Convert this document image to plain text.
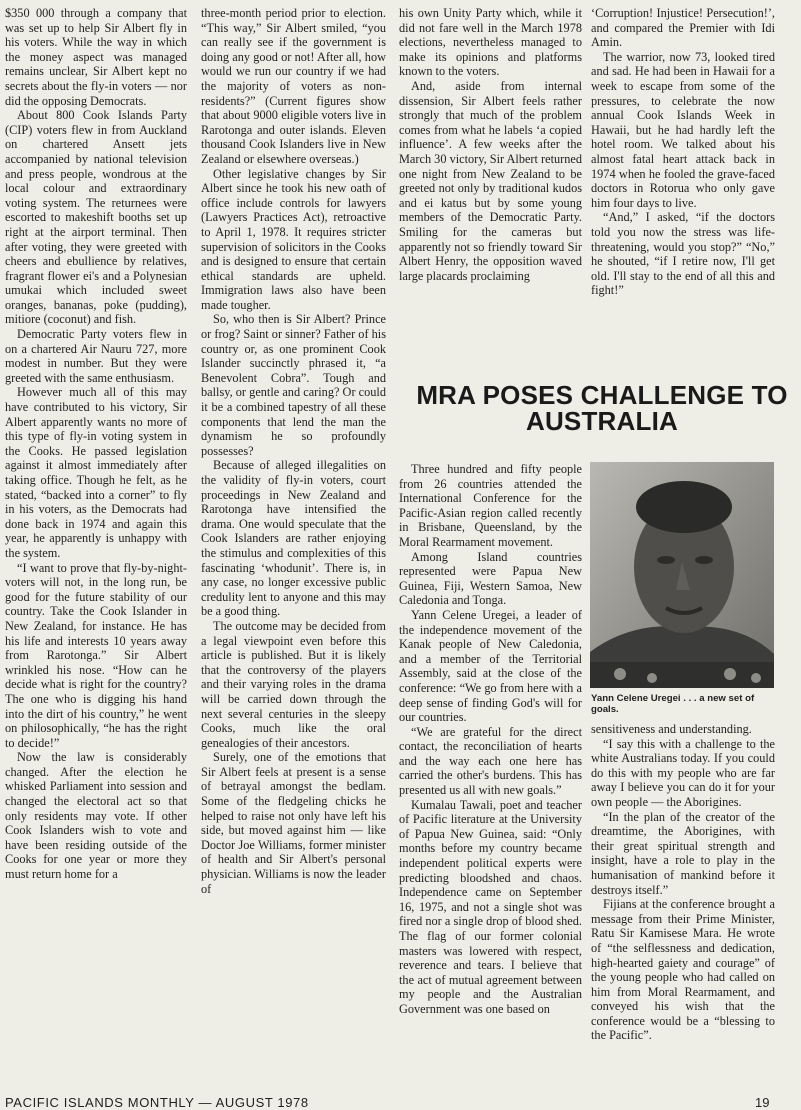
$350 000 through a company that was set up to help Sir Albert fly in his voters. While the way in which the money aspect was managed remains unclear, Sir Albert kept no secrets about the fly-in voters — nor did the opposing Democrats.

About 800 Cook Islands Party (CIP) voters flew in from Auckland on chartered Ansett jets accompanied by national television and press people, wondrous at the local colour and extraordinary voting system. The returnees were escorted to makeshift booths set up right at the airport terminal. Then after voting, they were greeted with cheers and ebullience by relatives, fragrant flower ei's and a Polynesian umukai which included sweet oranges, bananas, poke (pudding), mitiore (coconut) and fish.

Democratic Party voters flew in on a chartered Air Nauru 727, more modest in number. But they were greeted with the same enthusiasm.

However much all of this may have contributed to his victory, Sir Albert apparently wants no more of this type of fly-in voting system in the Cooks. He passed legislation against it almost immediately after taking office. Though he felt, as he stated, “backed into a corner” to fly in his voters, as the Democrats had done back in 1974 and again this year, he apparently is unhappy with the system.

“I want to prove that fly-by-night-voters will not, in the long run, be good for the future stability of our country. Take the Cook Islander in New Zealand, for instance. He has his life and interests 10 years away from Rarotonga.” Sir Albert wrinkled his nose. “How can he decide what is right for the country? The one who is digging his hand into the dirt of his country,” he went on philosophically, “he has the right to decide!”

Now the law is considerably changed. After the election he whisked Parliament into session and changed the electoral act so that only residents may vote. If other Cook Islanders wish to vote and have been residing outside of the Cooks for one year or more they must return home for a

three-month period prior to election. “This way,” Sir Albert smiled, “you can really see if the government is doing any good or not! After all, how would we run our country if we had the majority of voters as non-residents?” (Current figures show that about 9000 eligible voters live in Rarotonga and outer islands. Eleven thousand Cook Islanders live in New Zealand or elsewhere overseas.)

Other legislative changes by Sir Albert since he took his new oath of office include controls for lawyers (Lawyers Practices Act), retroactive to April 1, 1978. It requires stricter supervision of solicitors in the Cooks and is designed to ensure that certain ethical standards are upheld. Immigration laws also have been made tougher.

So, who then is Sir Albert? Prince or frog? Saint or sinner? Father of his country or, as one prominent Cook Islander succinctly phrased it, “a Benevolent Cobra”. Tough and ballsy, or gentle and caring? Or could it be a combined tapestry of all these components that lend the man the dynamism he so profoundly possesses?

Because of alleged illegalities on the validity of fly-in voters, court proceedings in New Zealand and Rarotonga have intensified the drama. One would speculate that the Cook Islanders are rather enjoying the stimulus and complexities of this fascinating ‘whodunit’. There is, in any case, no longer excessive public credulity lent to anyone and this may be a good thing.

The outcome may be decided from a legal viewpoint even before this article is published. But it is likely that the controversy of the players and their varying roles in the drama will be carried down through the next several centuries in the sleepy Cooks, much like the oral genealogies of their ancestors.

Surely, one of the emotions that Sir Albert feels at present is a sense of betrayal amongst the bedlam. Some of the fledgeling chicks he helped to raise not only have left his side, but moved against him — like Doctor Joe Williams, former minister of health and Sir Albert's personal physician. Williams is now the leader of

his own Unity Party which, while it did not fare well in the March 1978 elections, nevertheless managed to make its opinions and platforms known to the voters.

And, aside from internal dissension, Sir Albert feels rather strongly that much of the problem comes from what he labels ‘a copied influence’. A few weeks after the March 30 victory, Sir Albert returned one night from New Zealand to be greeted not only by traditional kudos and ei katus but by some young members of the Democratic Party. Smiling for the cameras but apparently not so friendly toward Sir Albert Henry, the opposition waved large placards proclaiming

‘Corruption! Injustice! Persecution!’, and compared the Premier with Idi Amin.

The warrior, now 73, looked tired and sad. He had been in Hawaii for a week to escape from some of the pressures, to celebrate the now annual Cook Islands Week in Hawaii, but he had hardly left the hotel room. We talked about his almost fatal heart attack back in 1974 when he fooled the grave-faced doctors in Rotorua who only gave him four days to live.

“And,” I asked, “if the doctors told you now the stress was life-threatening, would you stop?” “No,” he shouted, “if I retire now, I'll get old. I'll stay to the end of all this and fight!”

MRA POSES CHALLENGE TO AUSTRALIA

Three hundred and fifty people from 26 countries attended the International Conference for the Pacific-Asian region called recently in Brisbane, Queensland, by the Moral Rearmament movement.

Among Island countries represented were Papua New Guinea, Fiji, Western Samoa, New Caledonia and Tonga.

Yann Celene Uregei, a leader of the independence movement of the Kanak people of New Caledonia, and a member of the Territorial Assembly, said at the close of the conference: “We go from here with a deep sense of finding God's will for our countries.

“We are grateful for the direct contact, the reconciliation of hearts and the way each one here has carried the other's burdens. This has presented us all with new goals.”

Kumalau Tawali, poet and teacher of Pacific literature at the University of Papua New Guinea, said: “Only months before my country became independent political experts were predicting bloodshed and chaos. Independence came on September 16, 1975, and not a single shot was fired nor a single drop of blood shed. The flag of our former colonial masters was lowered with respect, reverence and tears. I believe that the act of mutual agreement between my people and the Australian Government was one based on

Yann Celene Uregei . . . a new set of goals.

sensitiveness and understanding.

“I say this with a challenge to the white Australians today. If you could do this with my people who are far away I believe you can do it for your own people — the Aborigines.

“In the plan of the creator of the dreamtime, the Aborigines, with their great spiritual strength and insight, have a role to play in the humanisation of mankind before it destroys itself.”

Fijians at the conference brought a message from their Prime Minister, Ratu Sir Kamisese Mara. He wrote of “the selflessness and dedication, high-hearted gaiety and courage” of the young people who had called on him from Moral Rearmament, and conveyed his wish that the conference would be a “blessing to the Pacific”.

PACIFIC ISLANDS MONTHLY — AUGUST 1978	19
